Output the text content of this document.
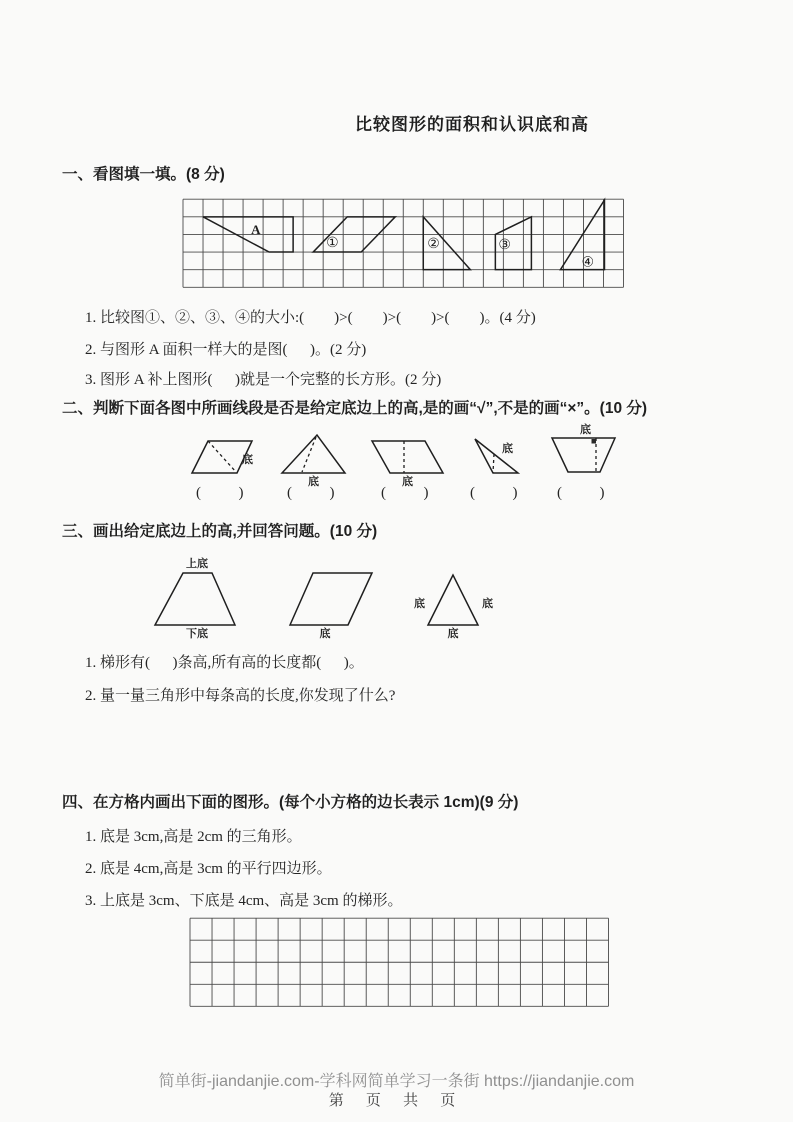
比较图形的面积和认识底和高
一、看图填一填。(8 分)
A
①	②	③
④
1. 比较图①、②、③、④的大小:(        )>(        )>(        )>(        )。(4 分)
2. 与图形 A 面积一样大的是图(      )。(2 分)
3. 图形 A 补上图形(      )就是一个完整的长方形。(2 分)
二、判断下面各图中所画线段是否是给定底边上的高,是的画“√”,不是的画“×”。(10 分)
底
底	底
底
底
(          )	(          )	(          )	(          )	(          )
三、画出给定底边上的高,并回答问题。(10 分)
上底
下底	底
底	底
底
1. 梯形有(      )条高,所有高的长度都(      )。
2. 量一量三角形中每条高的长度,你发现了什么?
四、在方格内画出下面的图形。(每个小方格的边长表示 1cm)(9 分)
1. 底是 3cm,高是 2cm 的三角形。
2. 底是 4cm,高是 3cm 的平行四边形。
3. 上底是 3cm、下底是 4cm、高是 3cm 的梯形。
简单街-jiandanjie.com-学科网简单学习一条街 https://jiandanjie.com
第 页 共 页
